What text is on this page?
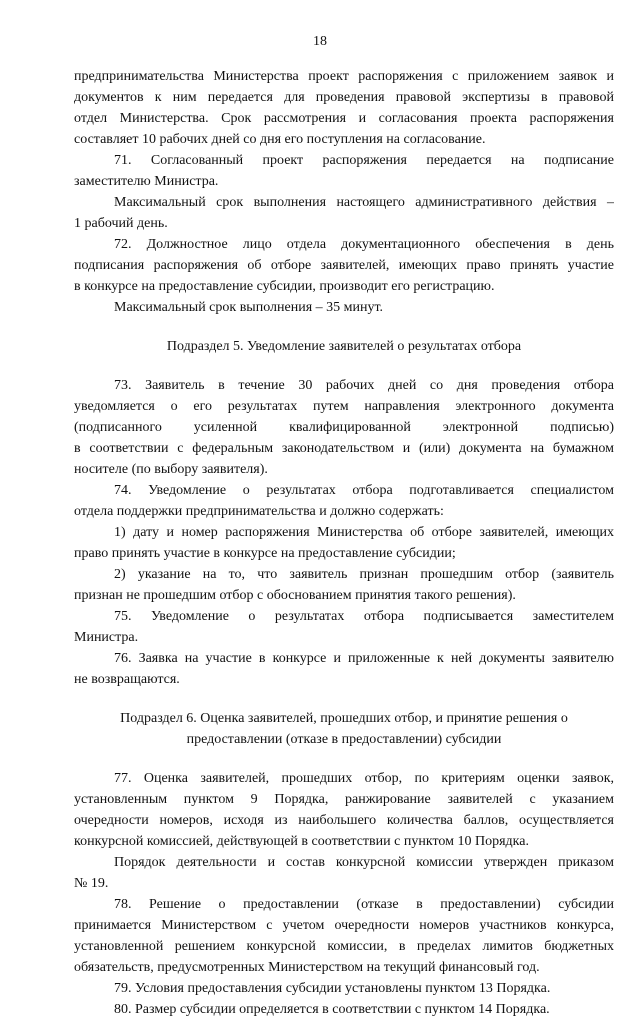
18
предпринимательства Министерства проект распоряжения с приложением заявок и
документов к ним передается для проведения правовой экспертизы в правовой
отдел Министерства. Срок рассмотрения и согласования проекта распоряжения
составляет 10 рабочих дней со дня его поступления на согласование.
71. Согласованный проект распоряжения передается на подписание
заместителю Министра.
Максимальный срок выполнения настоящего административного действия –
1 рабочий день.
72. Должностное лицо отдела документационного обеспечения в день
подписания распоряжения об отборе заявителей, имеющих право принять участие
в конкурсе на предоставление субсидии, производит его регистрацию.
Максимальный срок выполнения – 35 минут.
Подраздел 5. Уведомление заявителей о результатах отбора
73. Заявитель в течение 30 рабочих дней со дня проведения отбора
уведомляется о его результатах путем направления электронного документа
(подписанного усиленной квалифицированной электронной подписью)
в соответствии с федеральным законодательством и (или) документа на бумажном
носителе (по выбору заявителя).
74. Уведомление о результатах отбора подготавливается специалистом
отдела поддержки предпринимательства и должно содержать:
1) дату и номер распоряжения Министерства об отборе заявителей, имеющих
право принять участие в конкурсе на предоставление субсидии;
2) указание на то, что заявитель признан прошедшим отбор (заявитель
признан не прошедшим отбор с обоснованием принятия такого решения).
75. Уведомление о результатах отбора подписывается заместителем
Министра.
76. Заявка на участие в конкурсе и приложенные к ней документы заявителю
не возвращаются.
Подраздел 6. Оценка заявителей, прошедших отбор, и принятие решения о
предоставлении (отказе в предоставлении) субсидии
77. Оценка заявителей, прошедших отбор, по критериям оценки заявок,
установленным пунктом 9 Порядка, ранжирование заявителей с указанием
очередности номеров, исходя из наибольшего количества баллов, осуществляется
конкурсной комиссией, действующей в соответствии с пунктом 10 Порядка.
Порядок деятельности и состав конкурсной комиссии утвержден приказом
№ 19.
78. Решение о предоставлении (отказе в предоставлении) субсидии
принимается Министерством с учетом очередности номеров участников конкурса,
установленной решением конкурсной комиссии, в пределах лимитов бюджетных
обязательств, предусмотренных Министерством на текущий финансовый год.
79. Условия предоставления субсидии установлены пунктом 13 Порядка.
80. Размер субсидии определяется в соответствии с пунктом 14 Порядка.
